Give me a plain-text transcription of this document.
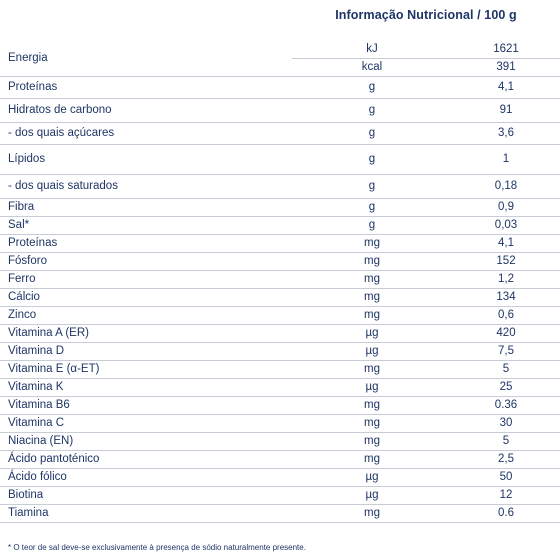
Informação Nutricional / 100 g
Energia	kJ	1621
	kcal	391
Proteínas	g	4,1
Hidratos de carbono	g	91
- dos quais açúcares	g	3,6
Lípidos	g	1
- dos quais saturados	g	0,18
Fibra	g	0,9
Sal*	g	0,03
Proteínas	mg	4,1
Fósforo	mg	152
Ferro	mg	1,2
Cálcio	mg	134
Zinco	mg	0,6
Vitamina A (ER)	µg	420
Vitamina D	µg	7,5
Vitamina E (α-ET)	mg	5
Vitamina K	µg	25
Vitamina B6	mg	0.36
Vitamina C	mg	30
Niacina (EN)	mg	5
Ácido pantoténico	mg	2,5
Ácido fólico	µg	50
Biotina	µg	12
Tiamina	mg	0.6
* O teor de sal deve-se exclusivamente à presença de sódio naturalmente presente.
